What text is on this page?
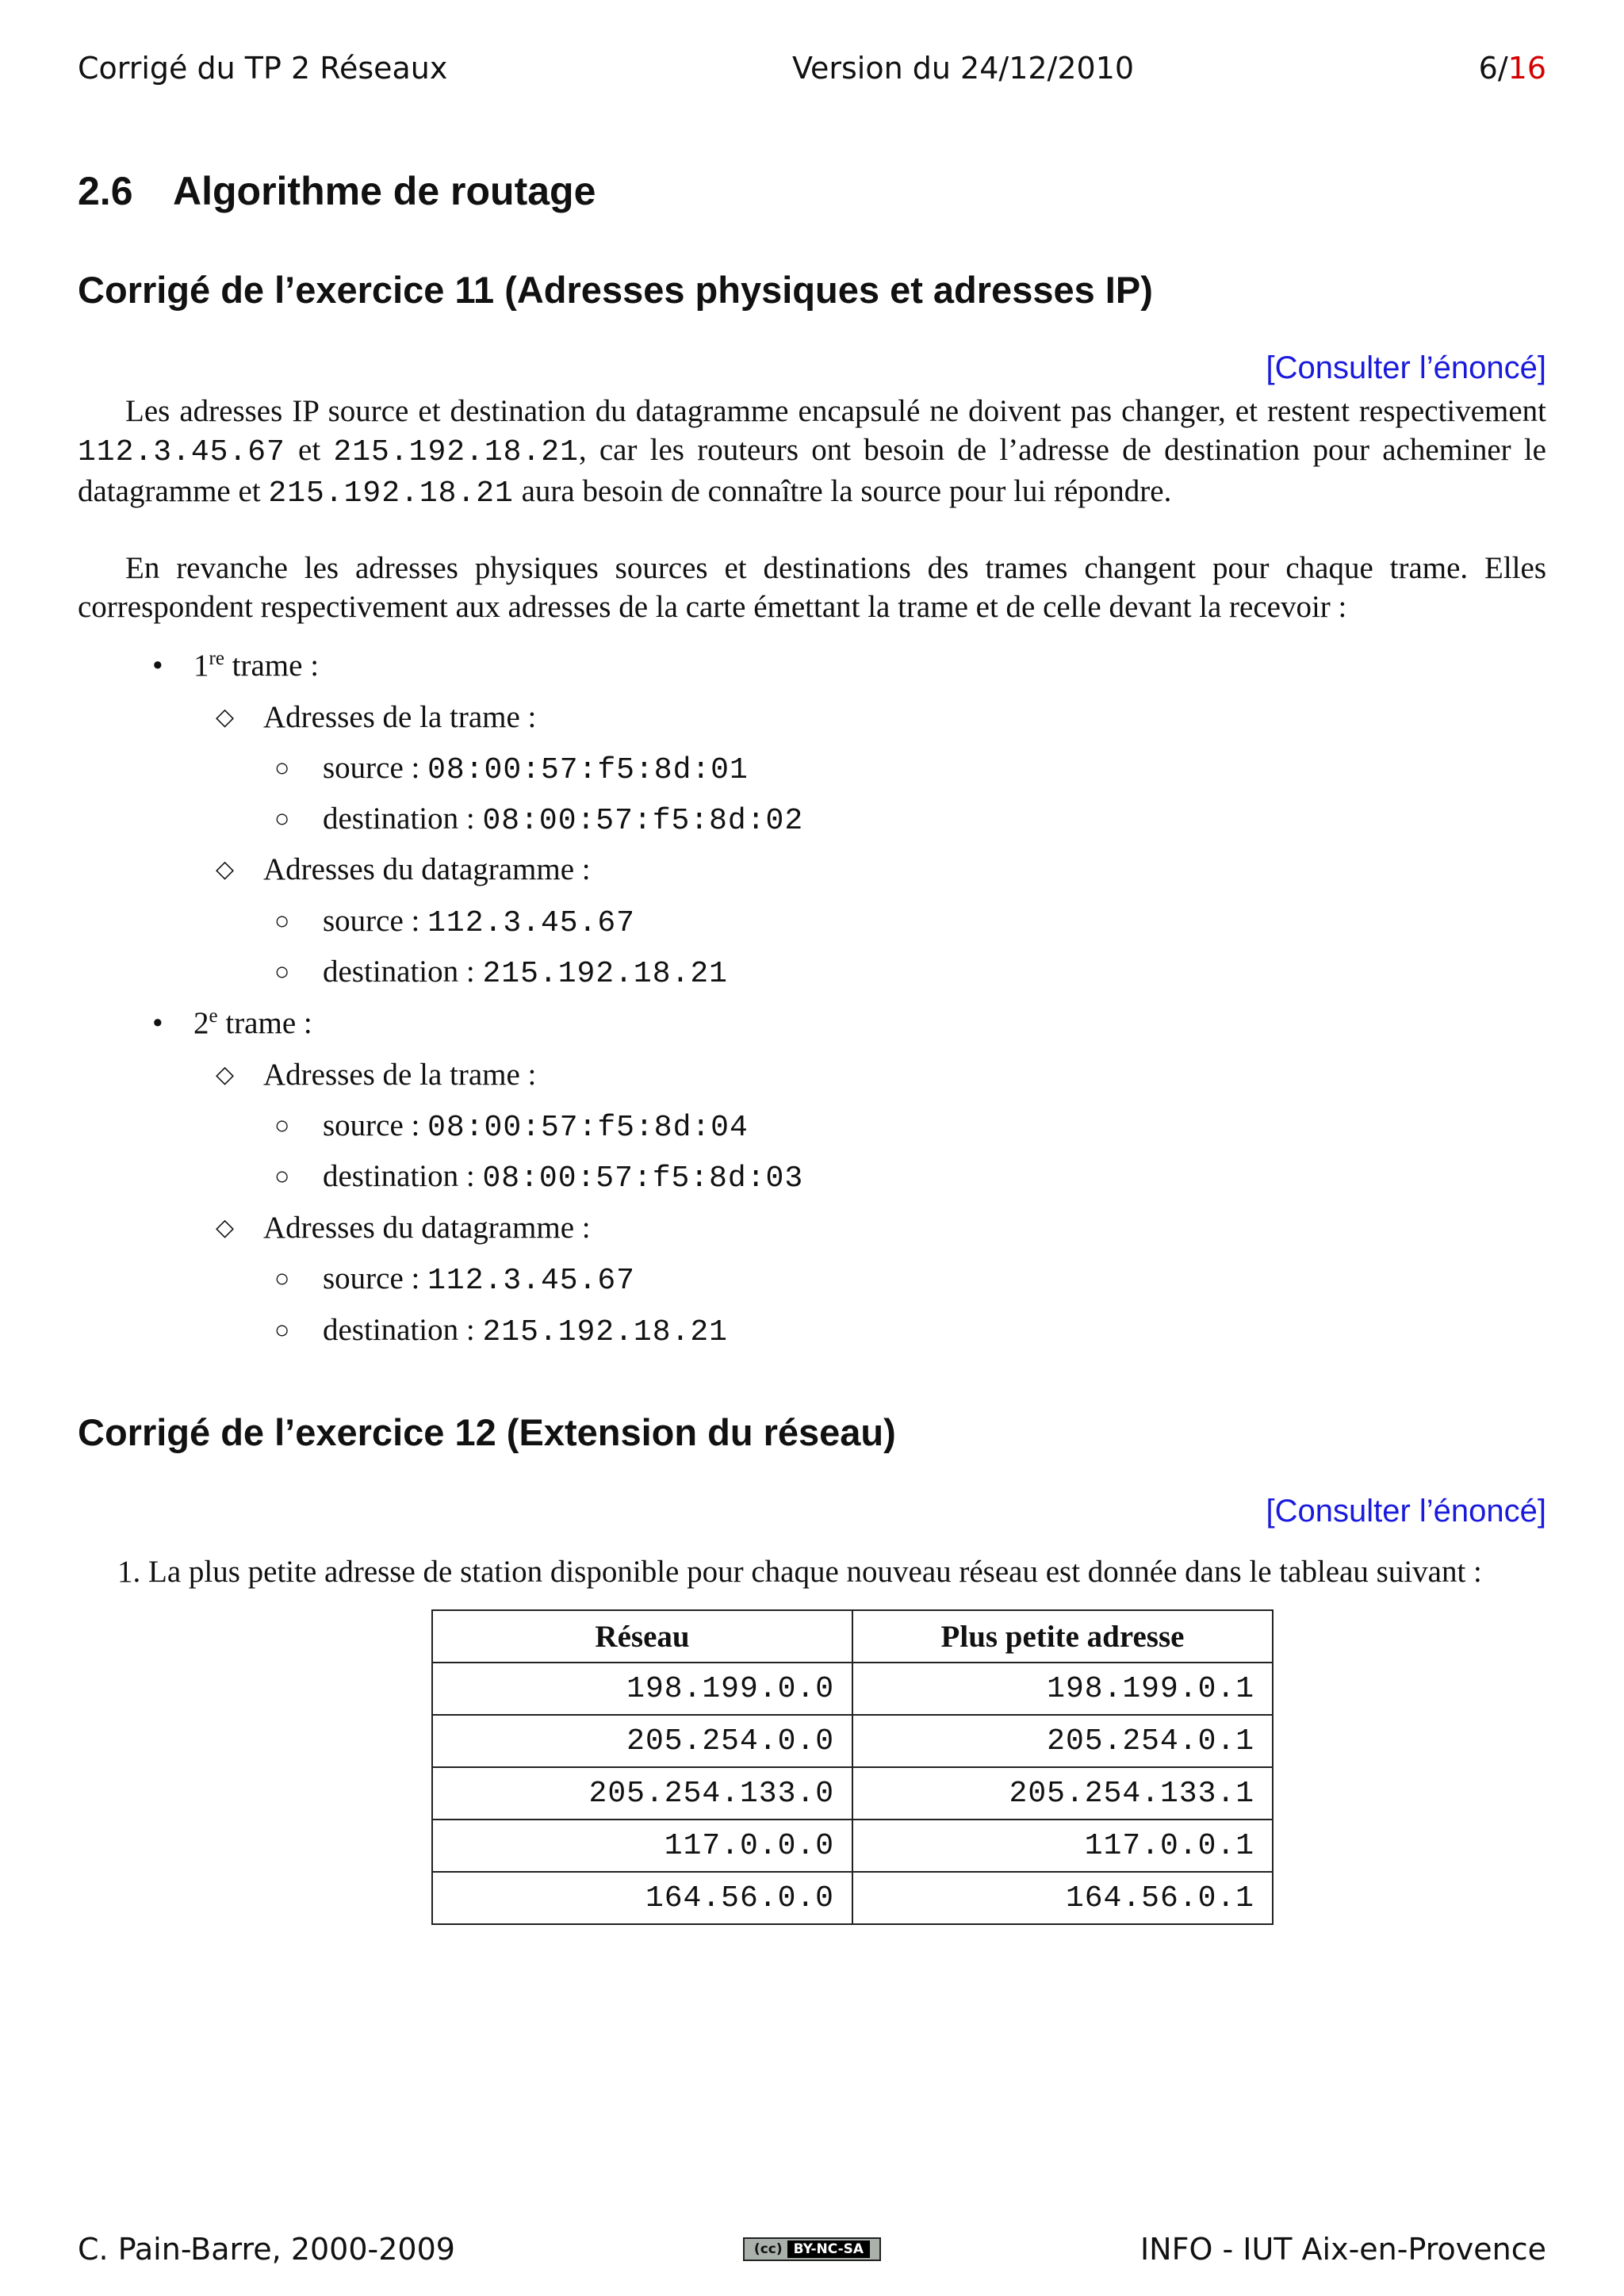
Corrigé du TP 2 Réseaux	Version du 24/12/2010	6/16
2.6 Algorithme de routage
Corrigé de l’exercice 11 (Adresses physiques et adresses IP)
[Consulter l’énoncé]

Les adresses IP source et destination du datagramme encapsulé ne doivent pas changer, et restent respectivement 112.3.45.67 et 215.192.18.21, car les routeurs ont besoin de l’adresse de destination pour acheminer le datagramme et 215.192.18.21 aura besoin de connaître la source pour lui répondre.

En revanche les adresses physiques sources et destinations des trames changent pour chaque trame. Elles correspondent respectivement aux adresses de la carte émettant la trame et de celle devant la recevoir :

• 1re trame :
◇ Adresses de la trame :
○ source : 08:00:57:f5:8d:01
○ destination : 08:00:57:f5:8d:02
◇ Adresses du datagramme :
○ source : 112.3.45.67
○ destination : 215.192.18.21
• 2e trame :
◇ Adresses de la trame :
○ source : 08:00:57:f5:8d:04
○ destination : 08:00:57:f5:8d:03
◇ Adresses du datagramme :
○ source : 112.3.45.67
○ destination : 215.192.18.21
Corrigé de l’exercice 12 (Extension du réseau)
[Consulter l’énoncé]
1. La plus petite adresse de station disponible pour chaque nouveau réseau est donnée dans le tableau suivant :
Réseau	Plus petite adresse
198.199.0.0	198.199.0.1
205.254.0.0	205.254.0.1
205.254.133.0	205.254.133.1
117.0.0.0	117.0.0.1
164.56.0.0	164.56.0.1
C. Pain-Barre, 2000-2009	INFO - IUT Aix-en-Provence
(cc) BY-NC-SA
